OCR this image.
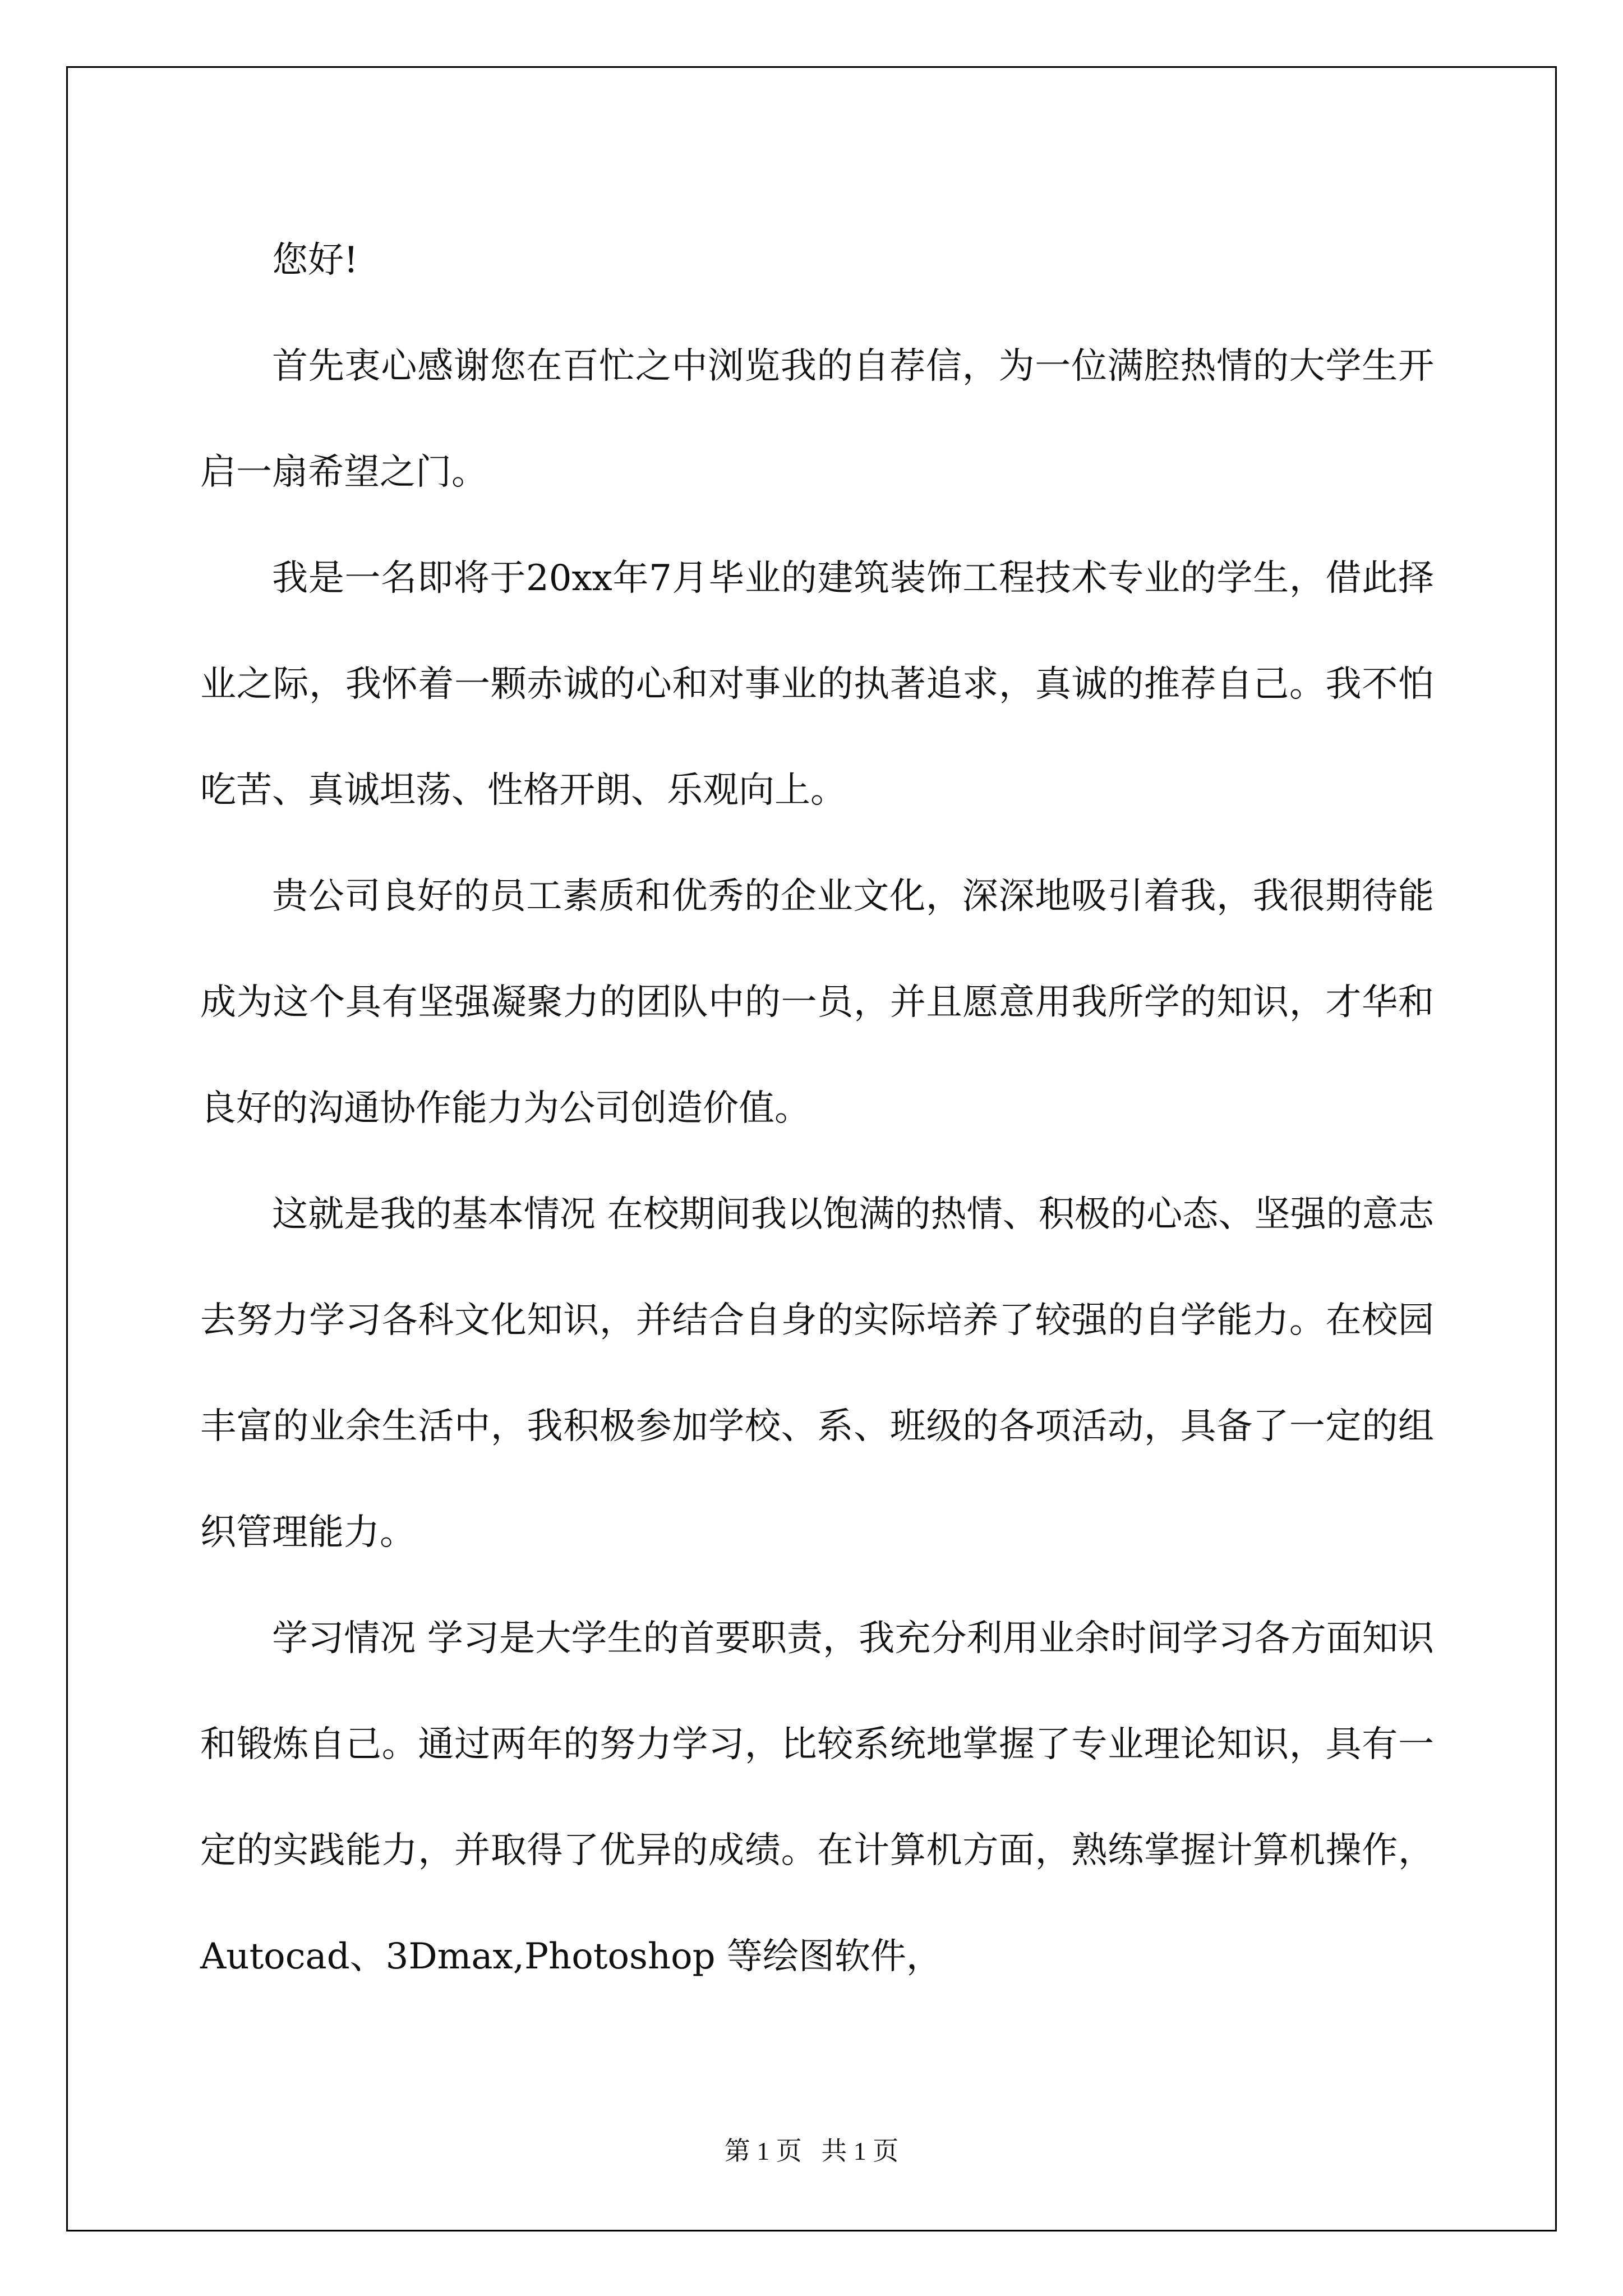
您好!

首先衷心感谢您在百忙之中浏览我的自荐信，为一位满腔热情的大学生开启一扇希望之门。

我是一名即将于20xx年7月毕业的建筑装饰工程技术专业的学生，借此择业之际，我怀着一颗赤诚的心和对事业的执著追求，真诚的推荐自己。我不怕吃苦、真诚坦荡、性格开朗、乐观向上。

贵公司良好的员工素质和优秀的企业文化，深深地吸引着我，我很期待能成为这个具有坚强凝聚力的团队中的一员，并且愿意用我所学的知识，才华和良好的沟通协作能力为公司创造价值。

这就是我的基本情况 在校期间我以饱满的热情、积极的心态、坚强的意志去努力学习各科文化知识，并结合自身的实际培养了较强的自学能力。在校园丰富的业余生活中，我积极参加学校、系、班级的各项活动，具备了一定的组织管理能力。

学习情况 学习是大学生的首要职责，我充分利用业余时间学习各方面知识和锻炼自己。通过两年的努力学习，比较系统地掌握了专业理论知识，具有一定的实践能力，并取得了优异的成绩。在计算机方面，熟练掌握计算机操作，Autocad、3Dmax,Photoshop 等绘图软件，

第 1 页   共 1 页
